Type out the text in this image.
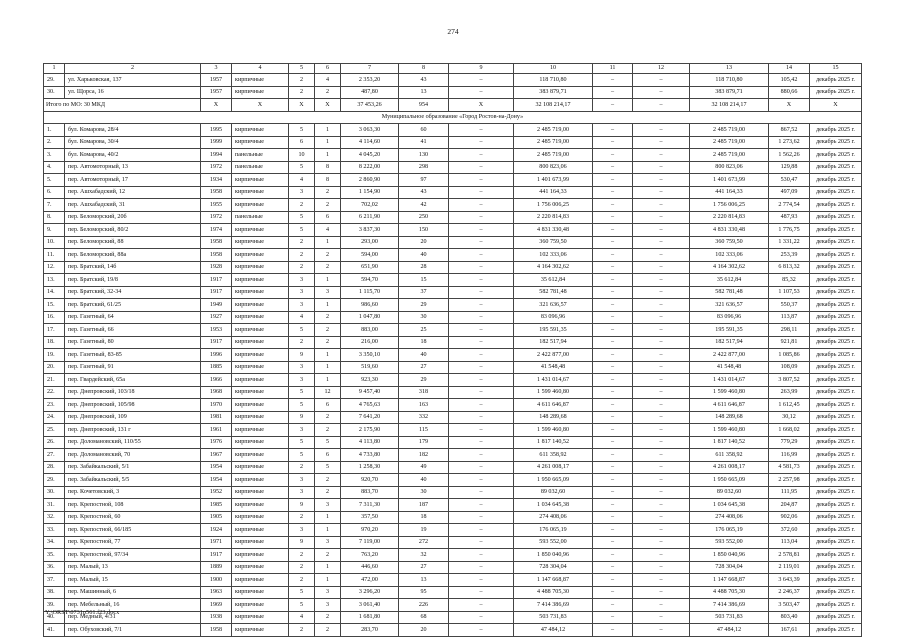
274
1	2	3	4	5	6	7	8	9	10	11	12	13	14	15
29.	ул. Харьковская, 137	1957	кирпичные	2	4	2 353,20	43	–	118 710,80	–	–	118 710,80	105,42	декабрь 2025 г.
30.	ул. Щорса, 16	1957	кирпичные	2	2	487,80	13	–	383 879,71	–	–	383 879,71	880,66	декабрь 2025 г.
Итого по МО: 30 МКД		X	X	X	X	37 453,26	954	X	32 108 214,17	–	–	32 108 214,17	X	X
Муниципальное образование «Город Ростов-на-Дону»														
1.	бул. Комарова, 28/4	1995	кирпичные	5	1	3 063,30	60	–	2 485 719,00	–	–	2 485 719,00	867,52	декабрь 2025 г.
2.	бул. Комарова, 30/4	1999	кирпичные	6	1	4 114,60	41	–	2 485 719,00	–	–	2 485 719,00	1 273,62	декабрь 2025 г.
3.	бул. Комарова, 40/2	1994	панельные	10	1	4 045,20	130	–	2 485 719,00	–	–	2 485 719,00	1 562,26	декабрь 2025 г.
4.	пер. Автомоторный, 13	1972	панельные	5	8	8 222,00	298	–	800 823,06	–	–	800 823,06	129,88	декабрь 2025 г.
5.	пер. Автомоторный, 17	1934	кирпичные	4	8	2 860,90	97	–	1 401 673,99	–	–	1 401 673,99	530,47	декабрь 2025 г.
6.	пер. Ашхабадский, 12	1958	кирпичные	3	2	1 154,90	43	–	441 164,33	–	–	441 164,33	497,09	декабрь 2025 г.
7.	пер. Ашхабадский, 31	1955	кирпичные	2	2	702,02	42	–	1 756 006,25	–	–	1 756 006,25	2 774,54	декабрь 2025 г.
8.	пер. Беломорский, 20б	1972	панельные	5	6	6 211,90	250	–	2 220 814,83	–	–	2 220 814,83	487,93	декабрь 2025 г.
9.	пер. Беломорский, 80/2	1974	кирпичные	5	4	3 837,30	150	–	4 831 330,48	–	–	4 831 330,48	1 776,75	декабрь 2025 г.
10.	пер. Беломорский, 88	1958	кирпичные	2	1	293,00	20	–	360 759,50	–	–	360 759,50	1 331,22	декабрь 2025 г.
11.	пер. Беломорский, 88а	1958	кирпичные	2	2	594,00	40	–	102 333,06	–	–	102 333,06	253,39	декабрь 2025 г.
12.	пер. Братский, 14б	1928	кирпичные	2	2	651,90	28	–	4 164 302,62	–	–	4 164 302,62	6 813,32	декабрь 2025 г.
13.	пер. Братский, 19/8	1917	кирпичные	3	1	594,70	15	–	35 612,84	–	–	35 612,84	85,32	декабрь 2025 г.
14.	пер. Братский, 32-34	1917	кирпичные	3	3	1 115,70	37	–	582 781,48	–	–	582 781,48	1 107,53	декабрь 2025 г.
15.	пер. Братский, 61/25	1949	кирпичные	3	1	986,60	29	–	321 636,57	–	–	321 636,57	550,37	декабрь 2025 г.
16.	пер. Газетный, 64	1927	кирпичные	4	2	1 047,80	30	–	83 096,96	–	–	83 096,96	113,87	декабрь 2025 г.
17.	пер. Газетный, 66	1953	кирпичные	5	2	883,00	25	–	195 591,35	–	–	195 591,35	298,11	декабрь 2025 г.
18.	пер. Газетный, 80	1917	кирпичные	2	2	216,00	18	–	182 517,94	–	–	182 517,94	921,81	декабрь 2025 г.
19.	пер. Газетный, 83-85	1996	кирпичные	9	1	3 350,10	40	–	2 422 877,00	–	–	2 422 877,00	1 085,86	декабрь 2025 г.
20.	пер. Газетный, 91	1885	кирпичные	3	1	519,60	27	–	41 548,48	–	–	41 548,48	108,09	декабрь 2025 г.
21.	пер. Гвардейский, 65а	1966	кирпичные	3	1	923,30	29	–	1 431 014,67	–	–	1 431 014,67	3 807,52	декабрь 2025 г.
22.	пер. Днепровский, 103/18	1968	кирпичные	5	12	9 457,40	318	–	1 599 460,80	–	–	1 599 460,80	263,99	декабрь 2025 г.
23.	пер. Днепровский, 105/98	1970	кирпичные	5	6	4 765,63	163	–	4 611 646,87	–	–	4 611 646,87	1 612,45	декабрь 2025 г.
24.	пер. Днепровский, 109	1981	кирпичные	9	2	7 641,20	332	–	148 289,68	–	–	148 289,68	30,12	декабрь 2025 г.
25.	пер. Днепровский, 131 г	1961	кирпичные	3	2	2 175,90	115	–	1 599 460,80	–	–	1 599 460,80	1 668,02	декабрь 2025 г.
26.	пер. Доломановский, 110/55	1976	кирпичные	5	5	4 113,80	179	–	1 817 140,52	–	–	1 817 140,52	779,29	декабрь 2025 г.
27.	пер. Доломановский, 70	1967	кирпичные	5	6	4 733,80	182	–	611 358,92	–	–	611 358,92	116,99	декабрь 2025 г.
28.	пер. Забайкальский, 5/1	1954	кирпичные	2	5	1 258,30	49	–	4 261 008,17	–	–	4 261 008,17	4 581,73	декабрь 2025 г.
29.	пер. Забайкальский, 5/5	1954	кирпичные	3	2	920,70	40	–	1 950 665,09	–	–	1 950 665,09	2 257,98	декабрь 2025 г.
30.	пер. Кочетовский, 3	1952	кирпичные	3	2	883,70	30	–	89 032,60	–	–	89 032,60	111,95	декабрь 2025 г.
31.	пер. Крепостной, 108	1985	кирпичные	9	3	7 311,30	187	–	1 034 645,38	–	–	1 034 645,38	204,87	декабрь 2025 г.
32.	пер. Крепостной, 60	1905	кирпичные	2	1	357,50	18	–	274 408,06	–	–	274 408,06	902,06	декабрь 2025 г.
33.	пер. Крепостной, 66/185	1924	кирпичные	3	1	970,20	19	–	176 065,19	–	–	176 065,19	372,60	декабрь 2025 г.
34.	пер. Крепостной, 77	1971	кирпичные	9	3	7 119,00	272	–	593 552,00	–	–	593 552,00	113,04	декабрь 2025 г.
35.	пер. Крепостной, 97/34	1917	кирпичные	2	2	763,20	32	–	1 850 040,96	–	–	1 850 040,96	2 578,81	декабрь 2025 г.
36.	пер. Малый, 13	1889	кирпичные	2	1	446,60	27	–	728 304,04	–	–	728 304,04	2 119,01	декабрь 2025 г.
37.	пер. Малый, 15	1900	кирпичные	2	1	472,00	13	–	1 147 668,87	–	–	1 147 668,87	3 643,39	декабрь 2025 г.
38.	пер. Машинный, 6	1963	кирпичные	5	3	3 296,20	95	–	4 488 705,30	–	–	4 488 705,30	2 246,37	декабрь 2025 г.
39.	пер. Мебельный, 16	1969	кирпичные	5	3	3 061,40	226	–	7 414 386,69	–	–	7 414 386,69	3 503,47	декабрь 2025 г.
40.	пер. Медный, 4/31	1938	кирпичные	4	2	1 681,80	68	–	503 731,83	–	–	503 731,83	803,40	декабрь 2025 г.
41.	пер. Обуховский, 7/1	1958	кирпичные	2	2	283,70	20	–	47 484,12	–	–	47 484,12	167,61	декабрь 2025 г.
Y:\ORST\0731p561.f23.docx
